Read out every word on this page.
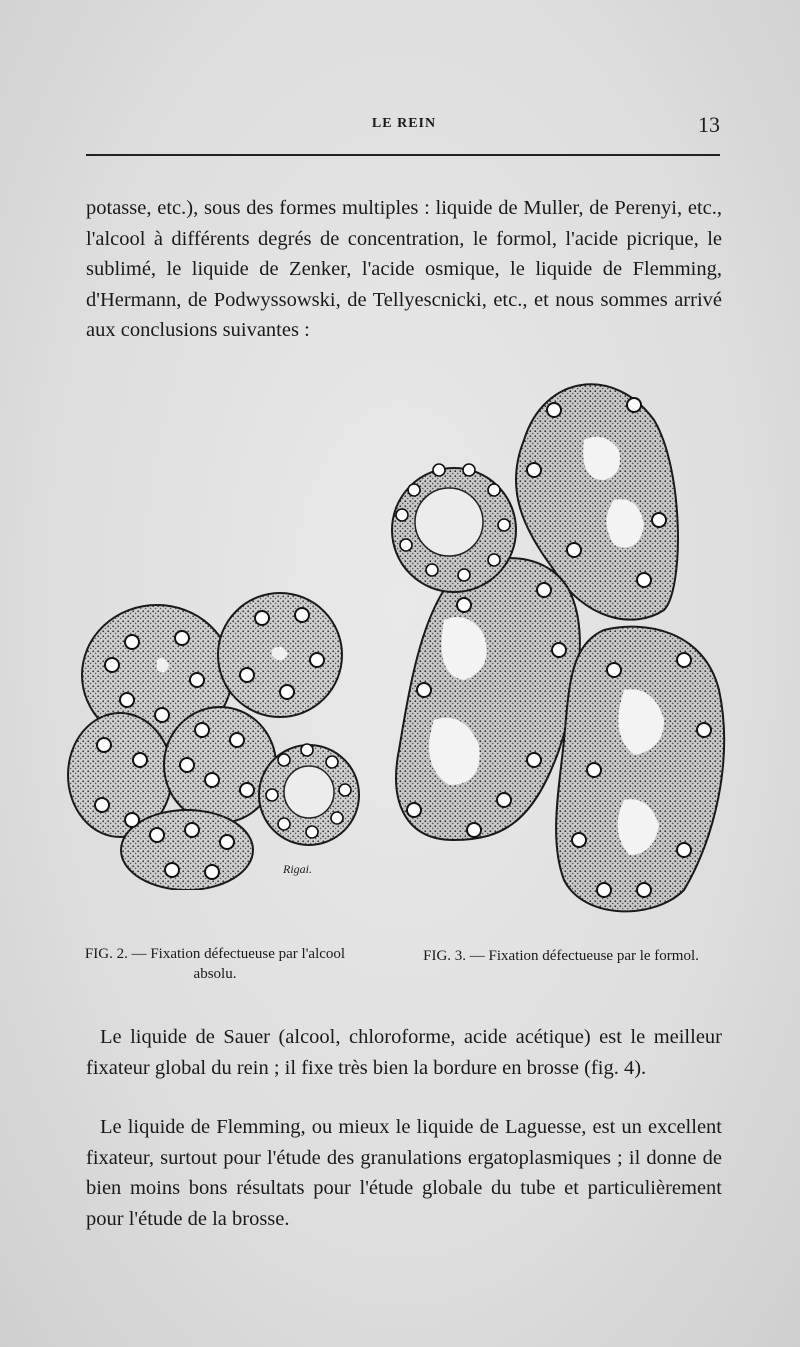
LE REIN	13
potasse, etc.), sous des formes multiples : liquide de Muller, de Perenyi, etc., l'alcool à différents degrés de concentration, le formol, l'acide picrique, le sublimé, le liquide de Zenker, l'acide osmique, le liquide de Flemming, d'Hermann, de Podwyssowski, de Tellyescnicki, etc., et nous sommes arrivé aux conclusions suivantes :
Rigai.
FIG. 2. — Fixation défectueuse par l'alcool absolu.
FIG. 3. — Fixation défectueuse par le formol.
Le liquide de Sauer (alcool, chloroforme, acide acétique) est le meilleur fixateur global du rein ; il fixe très bien la bordure en brosse (fig. 4).
Le liquide de Flemming, ou mieux le liquide de Laguesse, est un excellent fixateur, surtout pour l'étude des granulations ergatoplasmiques ; il donne de bien moins bons résultats pour l'étude globale du tube et particulièrement pour l'étude de la brosse.
